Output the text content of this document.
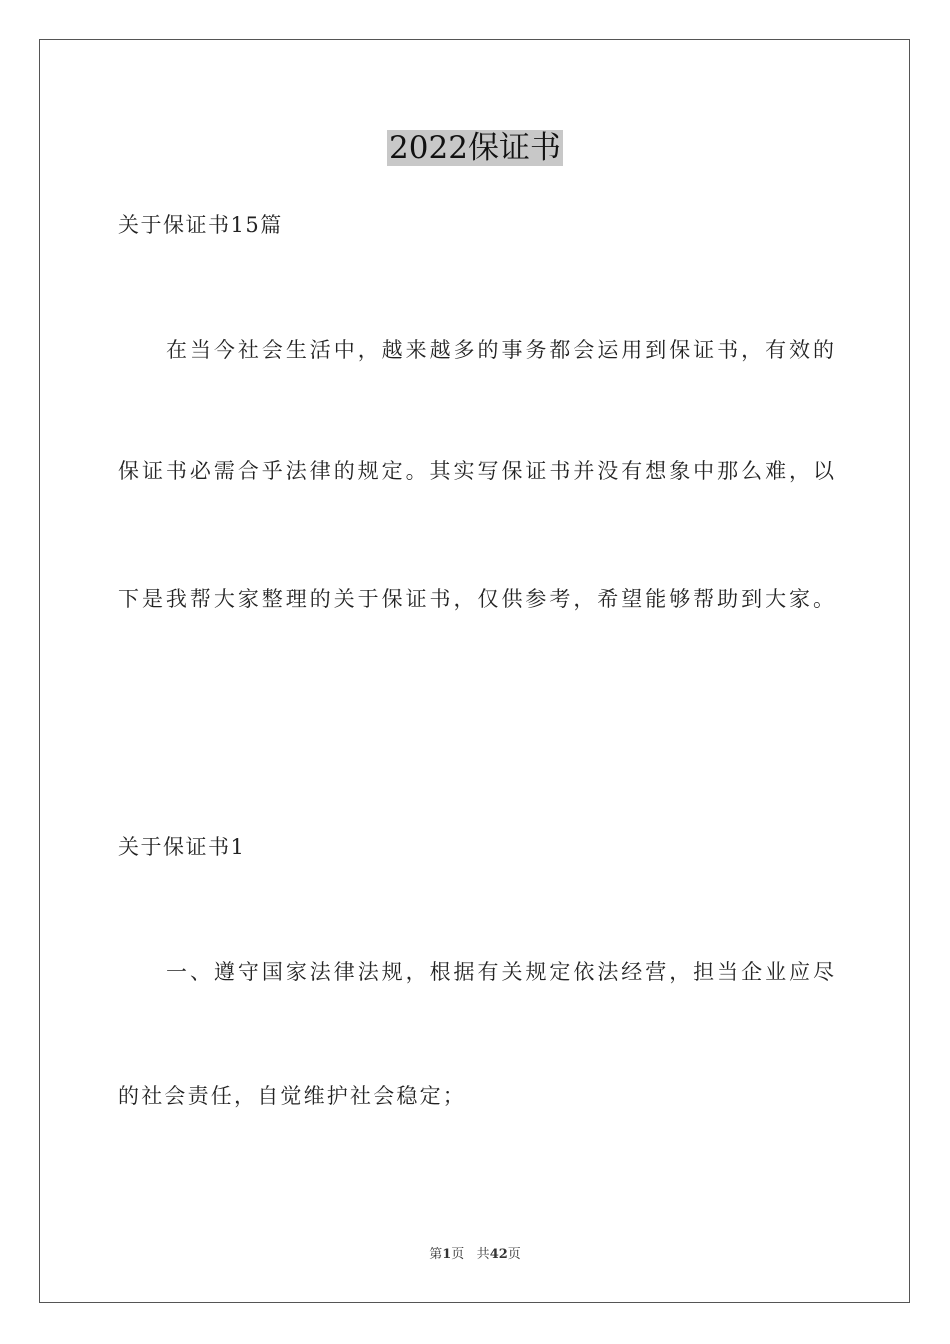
2022保证书
关于保证书15篇
在当今社会生活中，越来越多的事务都会运用到保证书，有效的
保证书必需合乎法律的规定。其实写保证书并没有想象中那么难，以
下是我帮大家整理的关于保证书，仅供参考，希望能够帮助到大家。
关于保证书1
一、遵守国家法律法规，根据有关规定依法经营，担当企业应尽
的社会责任，自觉维护社会稳定；
第1页 共42页
